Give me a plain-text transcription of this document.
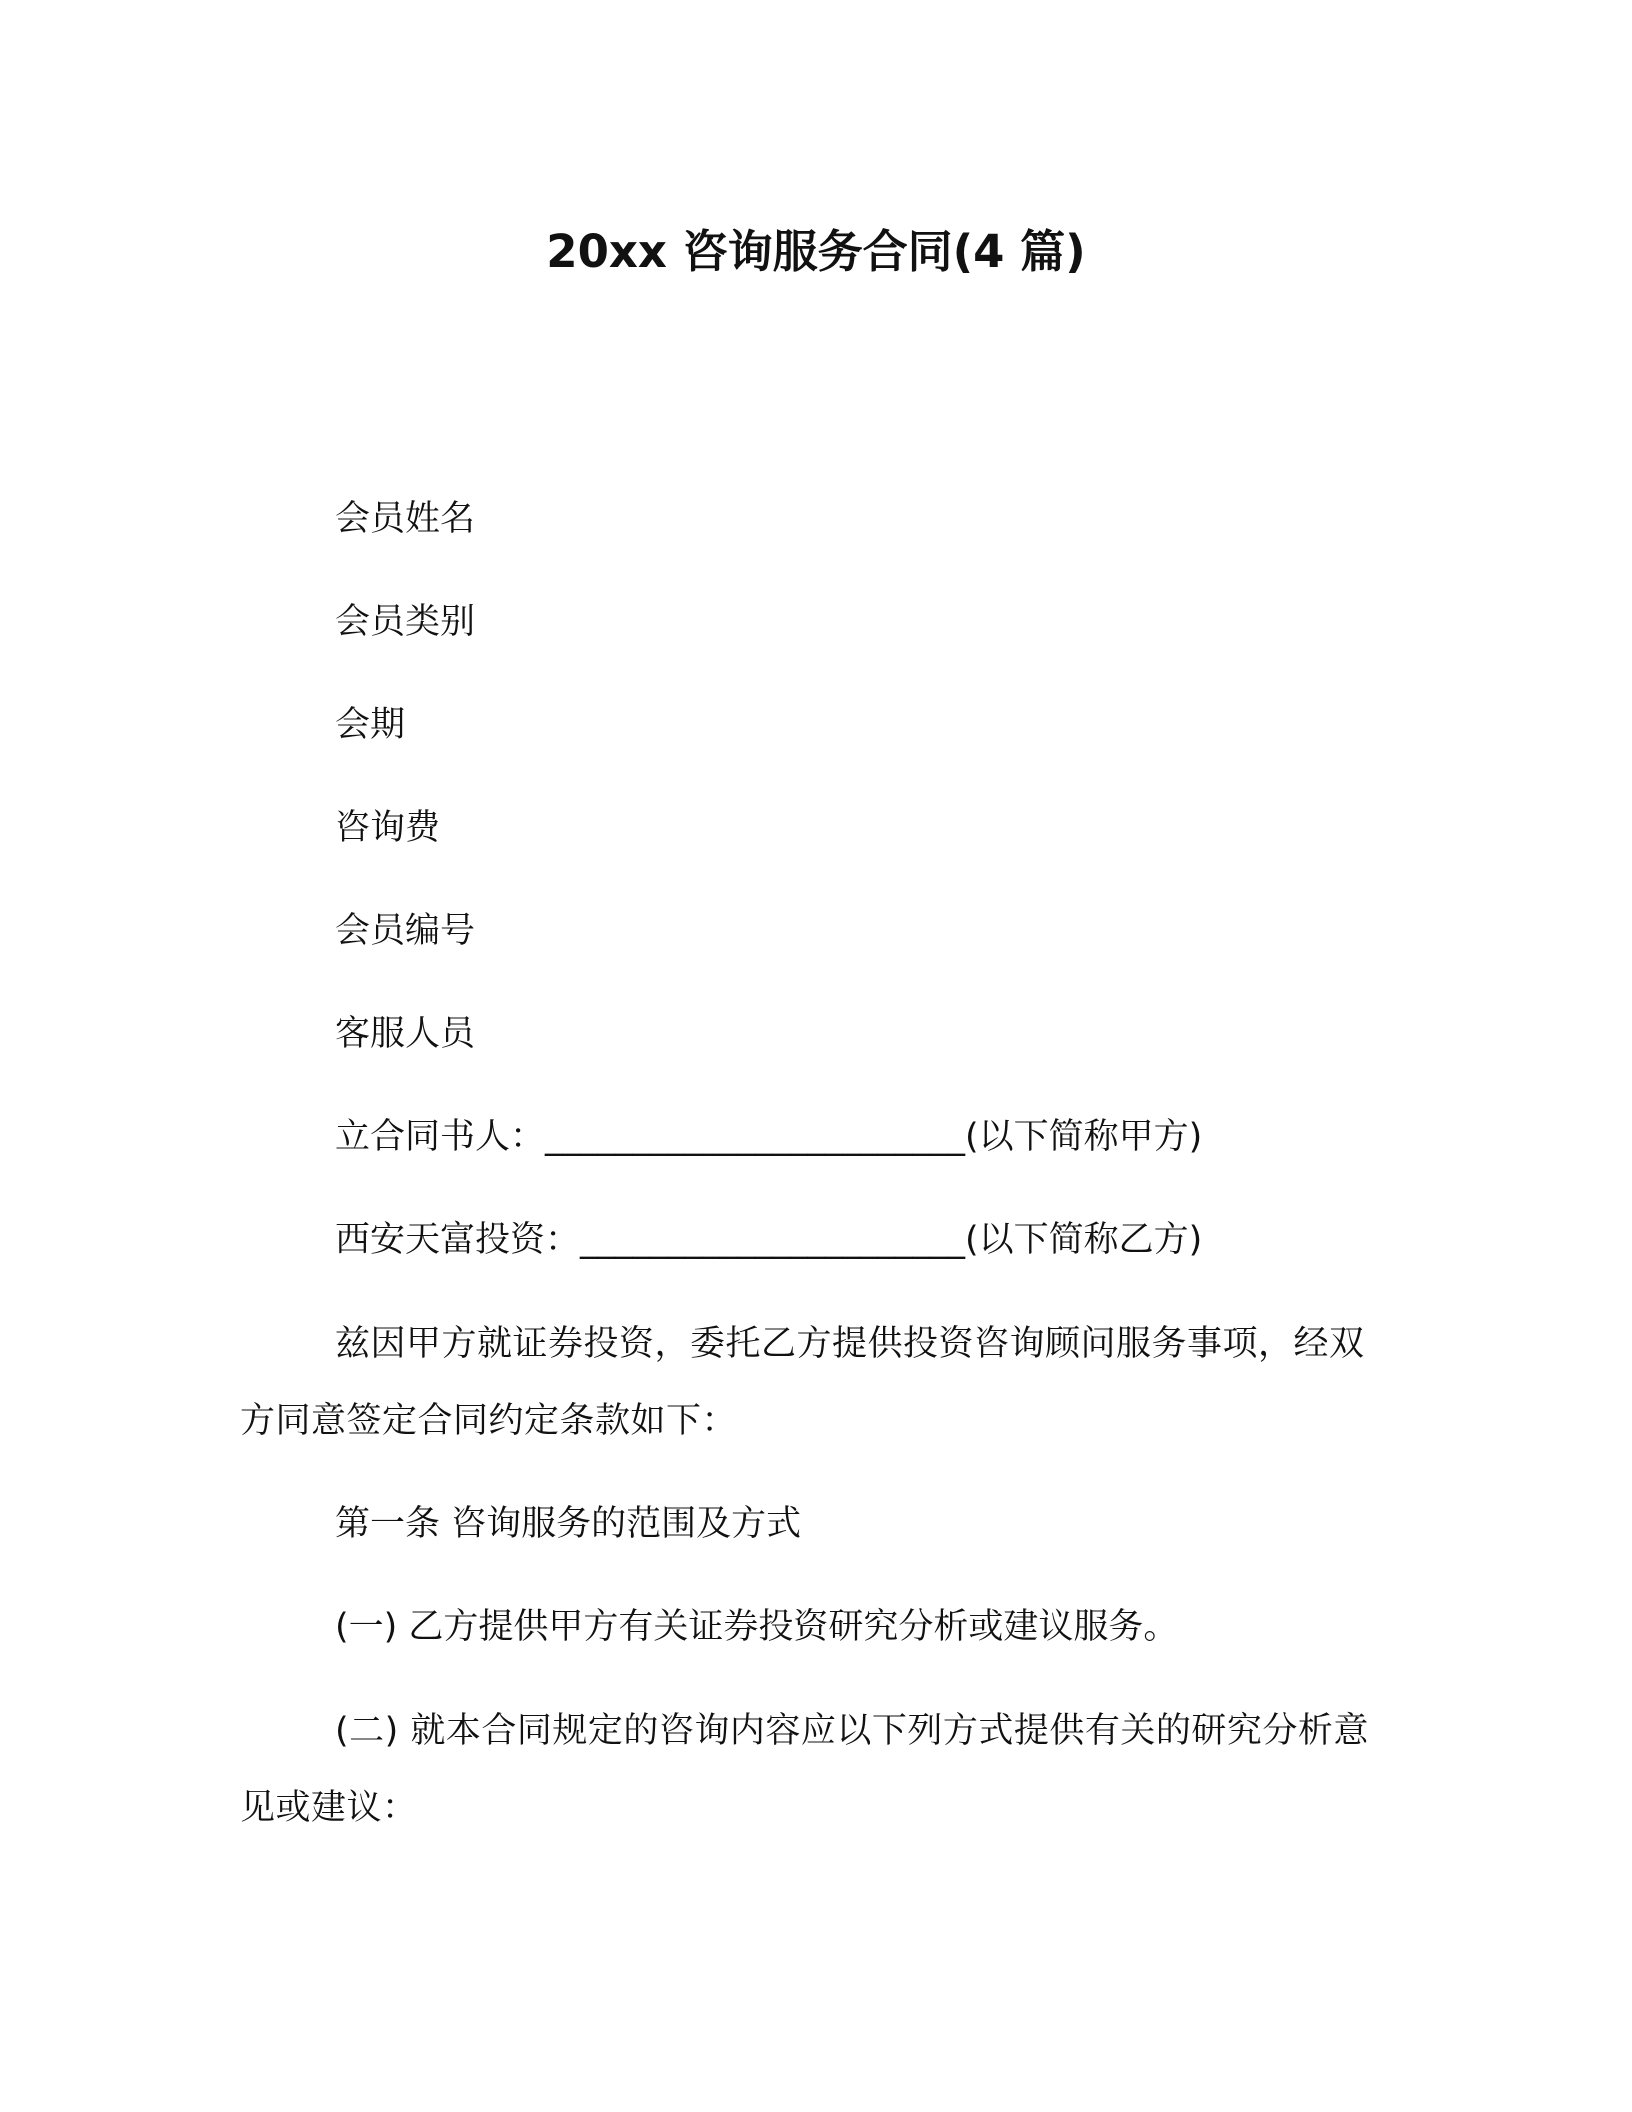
20xx 咨询服务合同(4 篇)
会员姓名
会员类别
会期
咨询费
会员编号
客服人员
立合同书人：________________________(以下简称甲方)
西安天富投资：______________________(以下简称乙方)
兹因甲方就证券投资，委托乙方提供投资咨询顾问服务事项，经双方同意签定合同约定条款如下：
第一条 咨询服务的范围及方式
(一) 乙方提供甲方有关证券投资研究分析或建议服务。
(二) 就本合同规定的咨询内容应以下列方式提供有关的研究分析意见或建议：
